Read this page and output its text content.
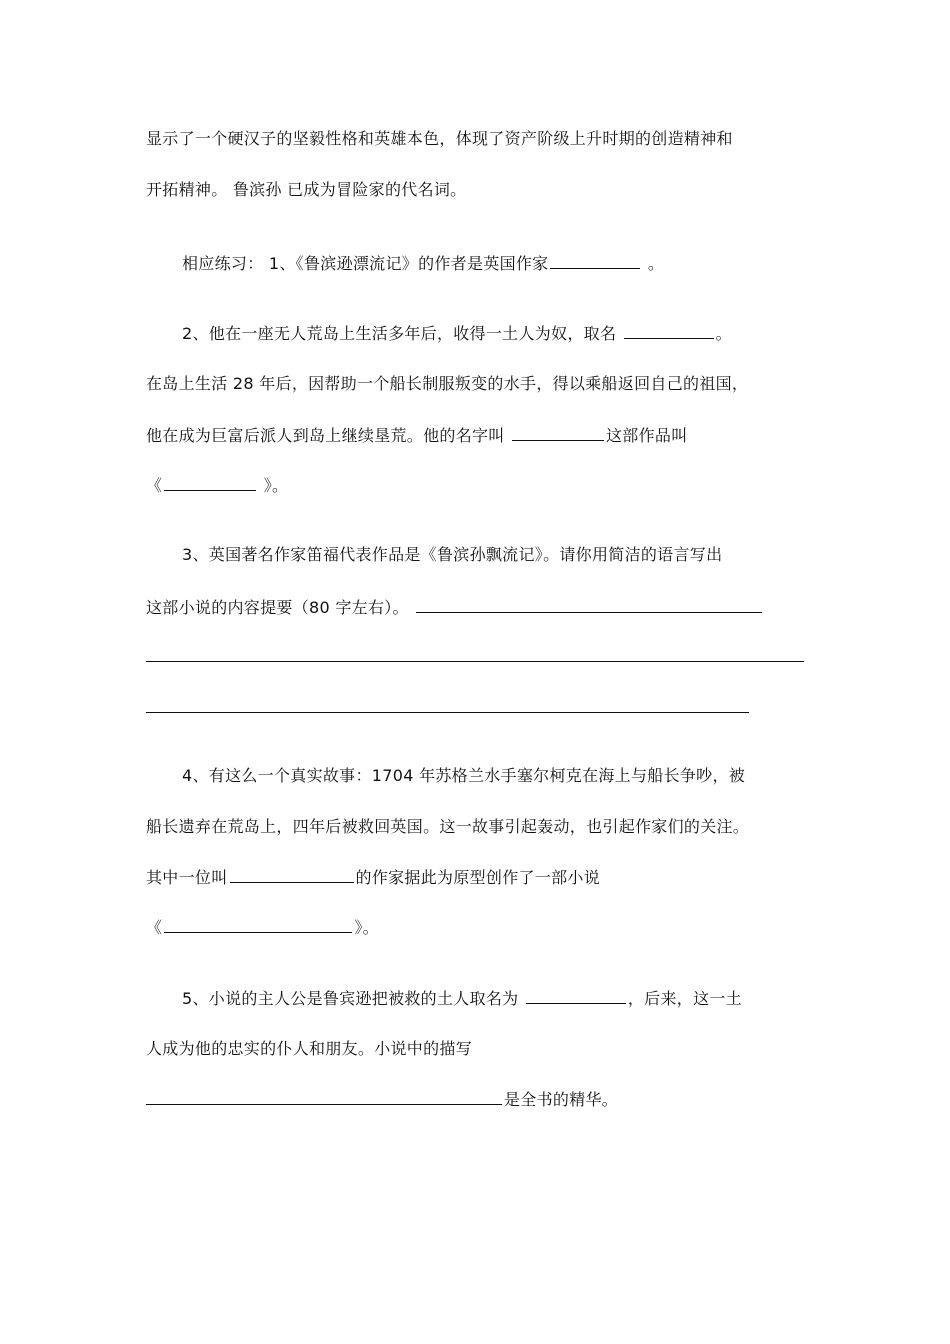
显示了一个硬汉子的坚毅性格和英雄本色，体现了资产阶级上升时期的创造精神和
开拓精神。 鲁滨孙 已成为冒险家的代名词。
相应练习： 1、《鲁滨逊漂流记》的作者是英国作家	。
2、他在一座无人荒岛上生活多年后，收得一土人为奴，取名	。
在岛上生活 28 年后，因帮助一个船长制服叛变的水手，得以乘船返回自己的祖国，
他在成为巨富后派人到岛上继续垦荒。他的名字叫	这部作品叫
《	》。
3、英国著名作家笛福代表作品是《鲁滨孙飘流记》。请你用简洁的语言写出
这部小说的内容提要（80 字左右）。
4、有这么一个真实故事：1704 年苏格兰水手塞尔柯克在海上与船长争吵，被
船长遗弃在荒岛上，四年后被救回英国。这一故事引起轰动，也引起作家们的关注。
其中一位叫	的作家据此为原型创作了一部小说
《	》。
5、小说的主人公是鲁宾逊把被救的土人取名为	，后来，这一土
人成为他的忠实的仆人和朋友。小说中的描写
是全书的精华。
